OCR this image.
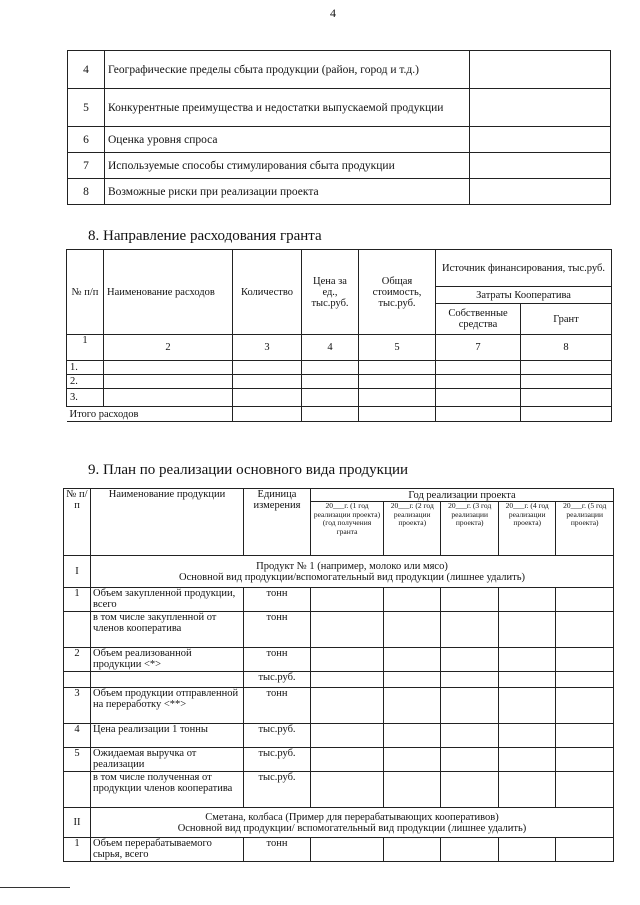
4
4	Географические пределы сбыта продукции (район, город и т.д.)	
5	Конкурентные преимущества и недостатки выпускаемой продукции	
6	Оценка уровня спроса	
7	Используемые способы стимулирования сбыта продукции	
8	Возможные риски при реализации проекта	
8. Направление расходования гранта
№ п/п	Наименование расходов	Количество	Цена за ед., тыс.руб.	Общая стоимость, тыс.руб.	Источник финансирования, тыс.руб.	
					Затраты Кооператива	
					Собственные средства	Грант
1	2	3	4	5	7	8
1.						
2.						
3.						
Итого расходов						
9. План по реализации основного вида продукции
№ п/п	Наименование продукции	Единица измерения	Год реализации проекта				
			20___г. (1 год реализации проекта) (год получения гранта	20___г. (2 год реализации проекта)	20___г. (3 год реализации проекта)	20___г. (4 год реализации проекта)	20___г. (5 год реализации проекта)
I	Продукт № 1 (например, молоко или мясо)
Основной вид продукции/вспомогательный вид продукции (лишнее удалить)						

1	Объем закупленной продукции, всего	тонн					
	в том числе закупленной от членов кооператива	тонн					
2	Объем реализованной продукции <*>	тонн					
		тыс.руб.					
3	Объем продукции отправленной на переработку <**>	тонн					
4	Цена реализации 1 тонны	тыс.руб.					
5	Ожидаемая выручка от реализации	тыс.руб.					
	в том числе полученная от продукции членов кооператива	тыс.руб.					
II	Сметана, колбаса (Пример для перерабатывающих кооперативов)
Основной вид продукции/ вспомогательный вид продукции (лишнее удалить)						

1	Объем перерабатываемого сырья, всего	тонн					
